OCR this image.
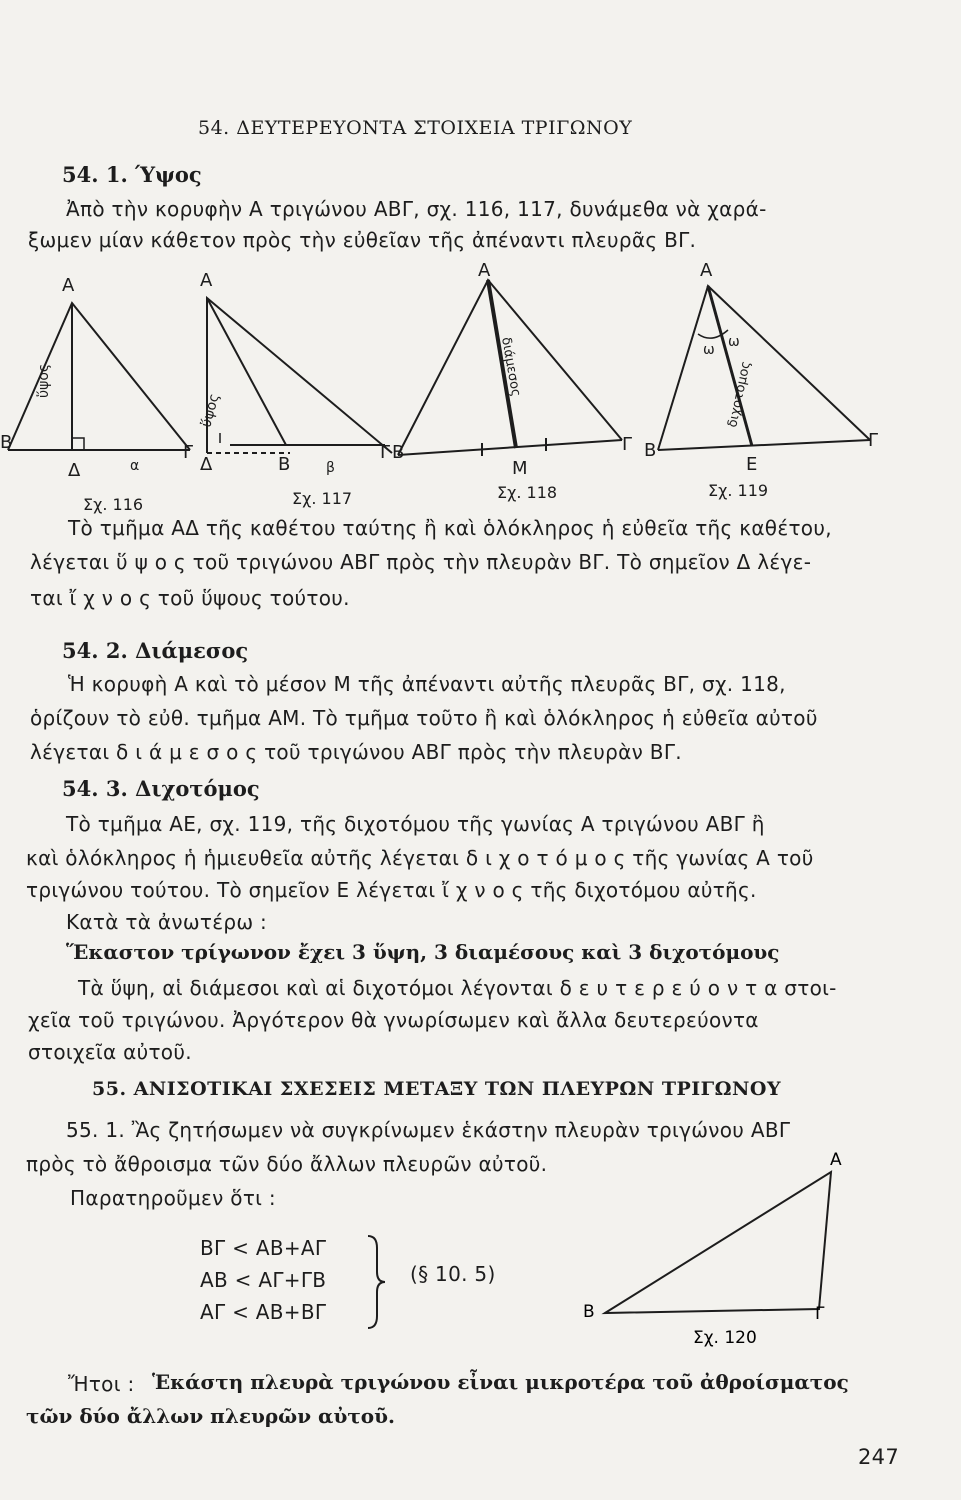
54. ΔΕΥΤΕΡΕΥΟΝΤΑ ΣΤΟΙΧΕΙΑ ΤΡΙΓΩΝΟΥ
54. 1. Ύψος
Ἀπὸ τὴν κορυφὴν Α τριγώνου ΑΒΓ, σχ. 116, 117, δυνάμεθα νὰ χαρά-
ξωμεν μίαν κάθετον πρὸς τὴν εὐθεῖαν τῆς ἀπέναντι πλευρᾶς ΒΓ.
Α
Β	Γ
Δ	α
ὕψος
Α
Δ	Β	β
Γ
ὕψος
Α
Β
Μ
Γ
διάμεσος
Α
Β
Ε
Γ
ω ω
διχοτόμος
Σχ. 116	Σχ. 117	Σχ. 118	Σχ. 119
Τὸ τμῆμα ΑΔ τῆς καθέτου ταύτης ἢ καὶ ὁλόκληρος ἡ εὐθεῖα τῆς καθέτου,
λέγεται ὕ ψ ο ς τοῦ τριγώνου ΑΒΓ πρὸς τὴν πλευρὰν ΒΓ. Τὸ σημεῖον Δ λέγε-
ται ἴ χ ν ο ς τοῦ ὕψους τούτου.
54. 2. Διάμεσος
Ἡ κορυφὴ Α καὶ τὸ μέσον Μ τῆς ἀπέναντι αὐτῆς πλευρᾶς ΒΓ, σχ. 118,
ὁρίζουν τὸ εὐθ. τμῆμα ΑΜ. Τὸ τμῆμα τοῦτο ἢ καὶ ὁλόκληρος ἡ εὐθεῖα αὐτοῦ
λέγεται δ ι ά μ ε σ ο ς τοῦ τριγώνου ΑΒΓ πρὸς τὴν πλευρὰν ΒΓ.
54. 3. Διχοτόμος
Τὸ τμῆμα ΑΕ, σχ. 119, τῆς διχοτόμου τῆς γωνίας Α τριγώνου ΑΒΓ ἢ
καὶ ὁλόκληρος ἡ ἡμιευθεῖα αὐτῆς λέγεται δ ι χ ο τ ό μ ο ς τῆς γωνίας Α τοῦ
τριγώνου τούτου. Τὸ σημεῖον Ε λέγεται ἴ χ ν ο ς τῆς διχοτόμου αὐτῆς.
Κατὰ τὰ ἀνωτέρω :
Ἕκαστον τρίγωνον ἔχει 3 ὕψη, 3 διαμέσους καὶ 3 διχοτόμους
Τὰ ὕψη, αἱ διάμεσοι καὶ αἱ διχοτόμοι λέγονται δ ε υ τ ε ρ ε ύ ο ν τ α στοι-
χεῖα τοῦ τριγώνου. Ἀργότερον θὰ γνωρίσωμεν καὶ ἄλλα δευτερεύοντα
στοιχεῖα αὐτοῦ.
55. ΑΝΙΣΟΤΙΚΑΙ ΣΧΕΣΕΙΣ ΜΕΤΑΞΥ ΤΩΝ ΠΛΕΥΡΩΝ ΤΡΙΓΩΝΟΥ
55. 1. Ἂς ζητήσωμεν νὰ συγκρίνωμεν ἑκάστην πλευρὰν τριγώνου ΑΒΓ
πρὸς τὸ ἄθροισμα τῶν δύο ἄλλων πλευρῶν αὐτοῦ.
Παρατηροῦμεν ὅτι :
ΒΓ < ΑΒ+ΑΓ
ΑΒ < ΑΓ+ΓΒ
ΑΓ < ΑΒ+ΒΓ
(§ 10. 5)
Α
Β	Γ
Σχ. 120
Ἤτοι : Ἑκάστη πλευρὰ τριγώνου εἶναι μικροτέρα τοῦ ἀθροίσματος
τῶν δύο ἄλλων πλευρῶν αὐτοῦ.
247
